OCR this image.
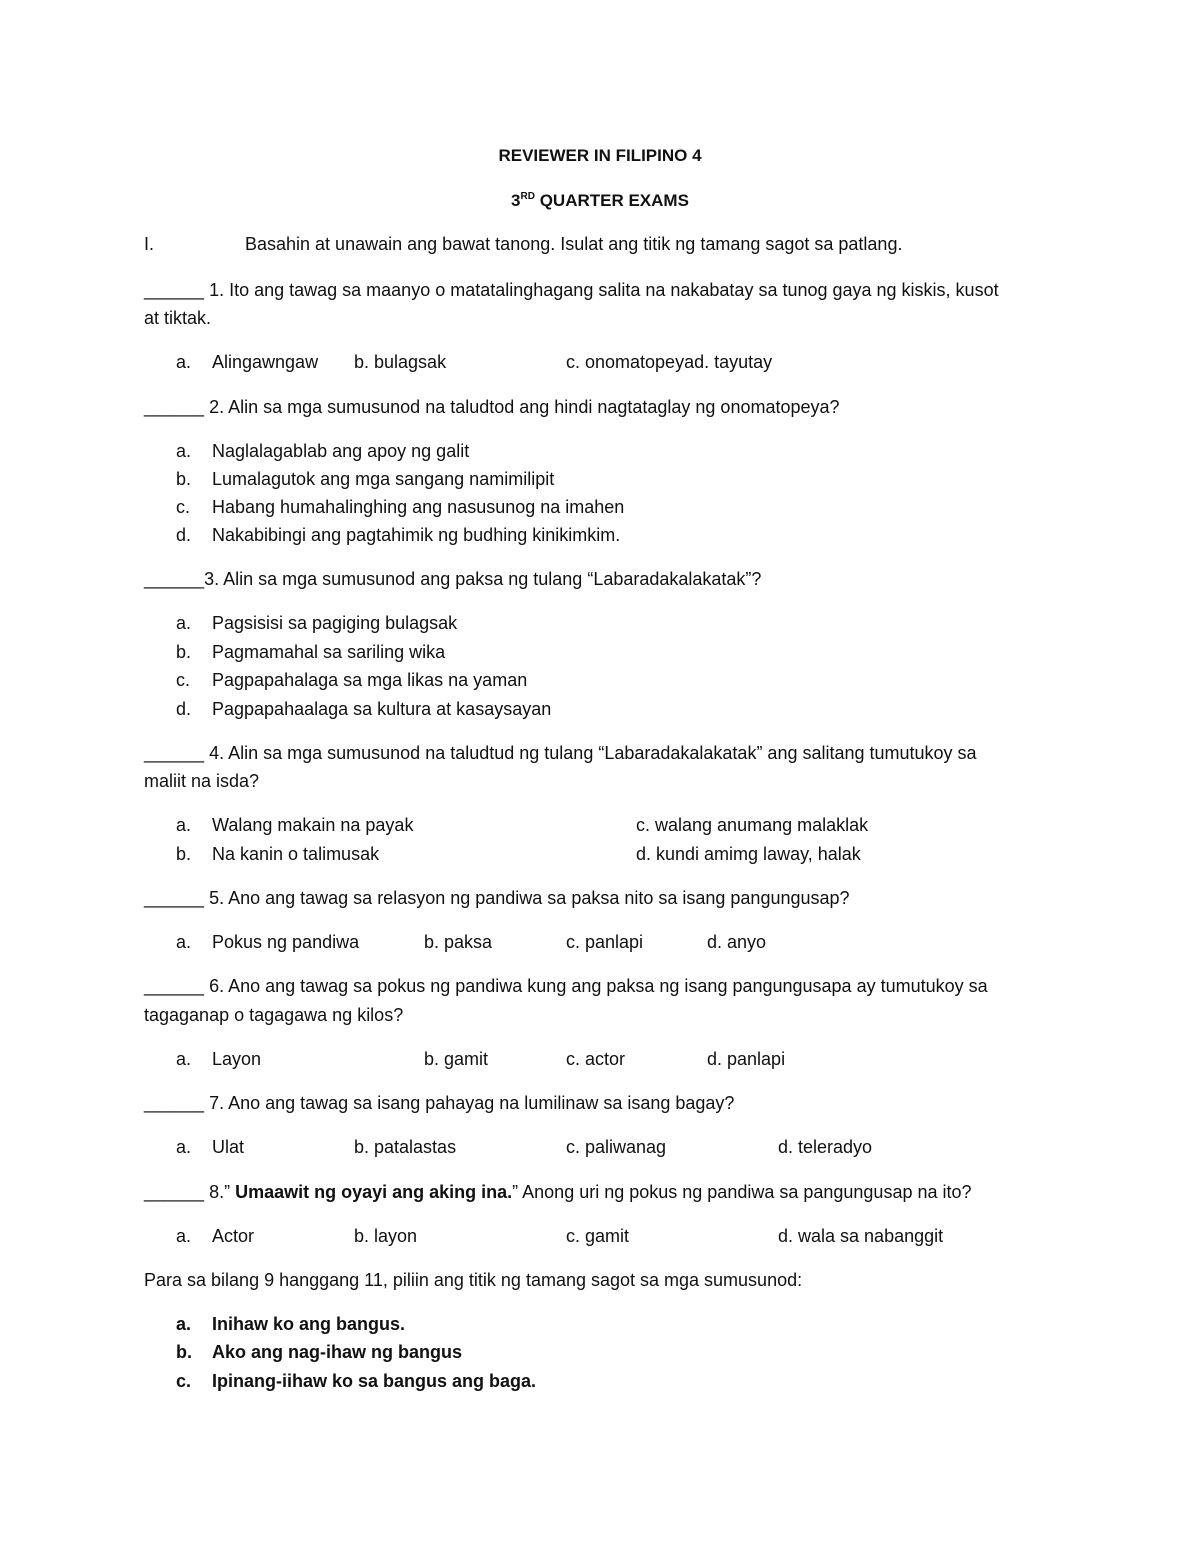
REVIEWER IN FILIPINO 4
3RD QUARTER EXAMS
I.	Basahin at unawain ang bawat tanong. Isulat ang titik ng tamang sagot sa patlang.
______ 1. Ito ang tawag sa maanyo o matatalinghagang salita na nakabatay sa tunog gaya ng kiskis, kusot
at tiktak.
a. Alingawngaw b. bulagsak	c. onomatopeyad. tayutay
______ 2. Alin sa mga sumusunod na taludtod ang hindi nagtataglay ng onomatopeya?
a. Naglalagablab ang apoy ng galit
b. Lumalagutok ang mga sangang namimilipit
c. Habang humahalinghing ang nasusunog na imahen
d. Nakabibingi ang pagtahimik ng budhing kinikimkim.
______3. Alin sa mga sumusunod ang paksa ng tulang “Labaradakalakatak”?
a. Pagsisisi sa pagiging bulagsak
b. Pagmamahal sa sariling wika
c. Pagpapahalaga sa mga likas na yaman
d. Pagpapahaalaga sa kultura at kasaysayan
______ 4. Alin sa mga sumusunod na taludtud ng tulang “Labaradakalakatak” ang salitang tumutukoy sa
maliit na isda?
a. Walang makain na payak	c. walang anumang malaklak
b. Na kanin o talimusak	d. kundi amimg laway, halak
______ 5. Ano ang tawag sa relasyon ng pandiwa sa paksa nito sa isang pangungusap?
a. Pokus ng pandiwa	b. paksa	c. panlapi	d. anyo
______ 6. Ano ang tawag sa pokus ng pandiwa kung ang paksa ng isang pangungusapa ay tumutukoy sa
tagaganap o tagagawa ng kilos?
a. Layon	b. gamit	c. actor	d. panlapi
______ 7. Ano ang tawag sa isang pahayag na lumilinaw sa isang bagay?
a. Ulat	b. patalastas	c. paliwanag	d. teleradyo
______ 8.” Umaawit ng oyayi ang aking ina.” Anong uri ng pokus ng pandiwa sa pangungusap na ito?
a. Actor	b. layon	c. gamit	d. wala sa nabanggit
Para sa bilang 9 hanggang 11, piliin ang titik ng tamang sagot sa mga sumusunod:
a. Inihaw ko ang bangus.
b. Ako ang nag-ihaw ng bangus
c. Ipinang-iihaw ko sa bangus ang baga.
